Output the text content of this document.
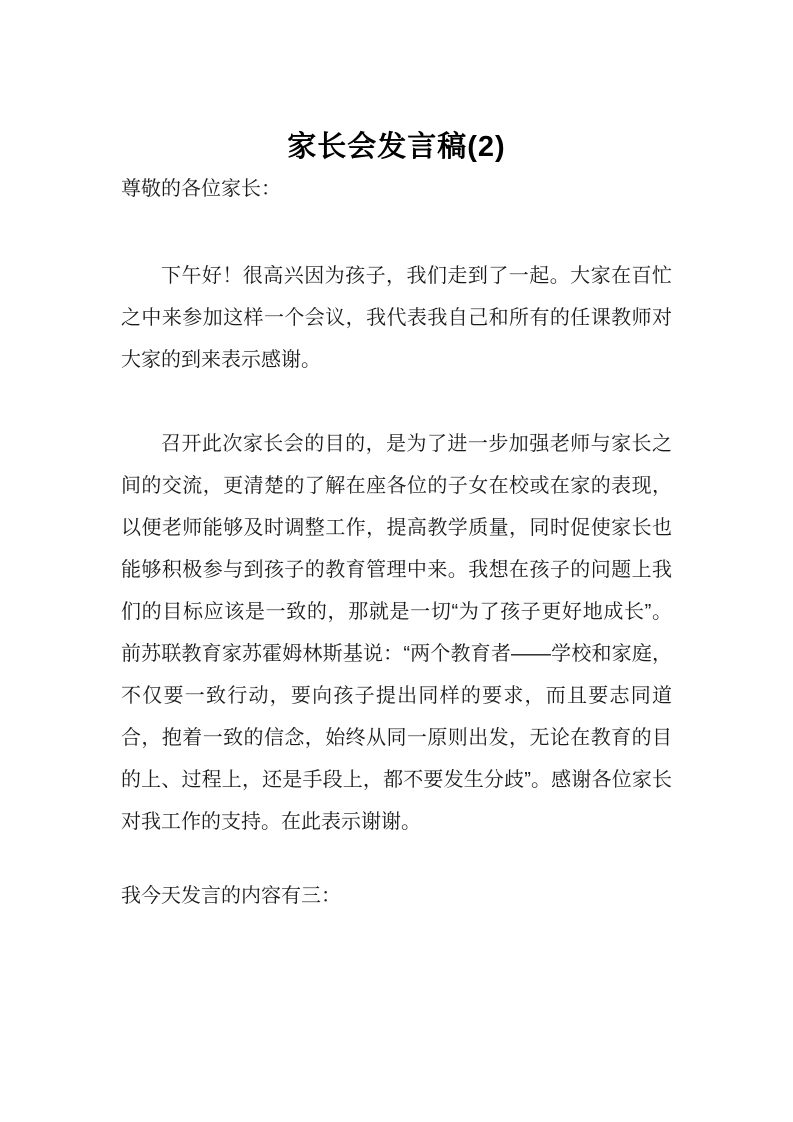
家长会发言稿(2)

尊敬的各位家长：

下午好！很高兴因为孩子，我们走到了一起。大家在百忙之中来参加这样一个会议，我代表我自己和所有的任课教师对大家的到来表示感谢。

召开此次家长会的目的，是为了进一步加强老师与家长之间的交流，更清楚的了解在座各位的子女在校或在家的表现，以便老师能够及时调整工作，提高教学质量，同时促使家长也能够积极参与到孩子的教育管理中来。我想在孩子的问题上我们的目标应该是一致的，那就是一切“为了孩子更好地成长”。前苏联教育家苏霍姆林斯基说：“两个教育者——学校和家庭，不仅要一致行动，要向孩子提出同样的要求，而且要志同道合，抱着一致的信念，始终从同一原则出发，无论在教育的目的上、过程上，还是手段上，都不要发生分歧”。感谢各位家长对我工作的支持。在此表示谢谢。

我今天发言的内容有三：
